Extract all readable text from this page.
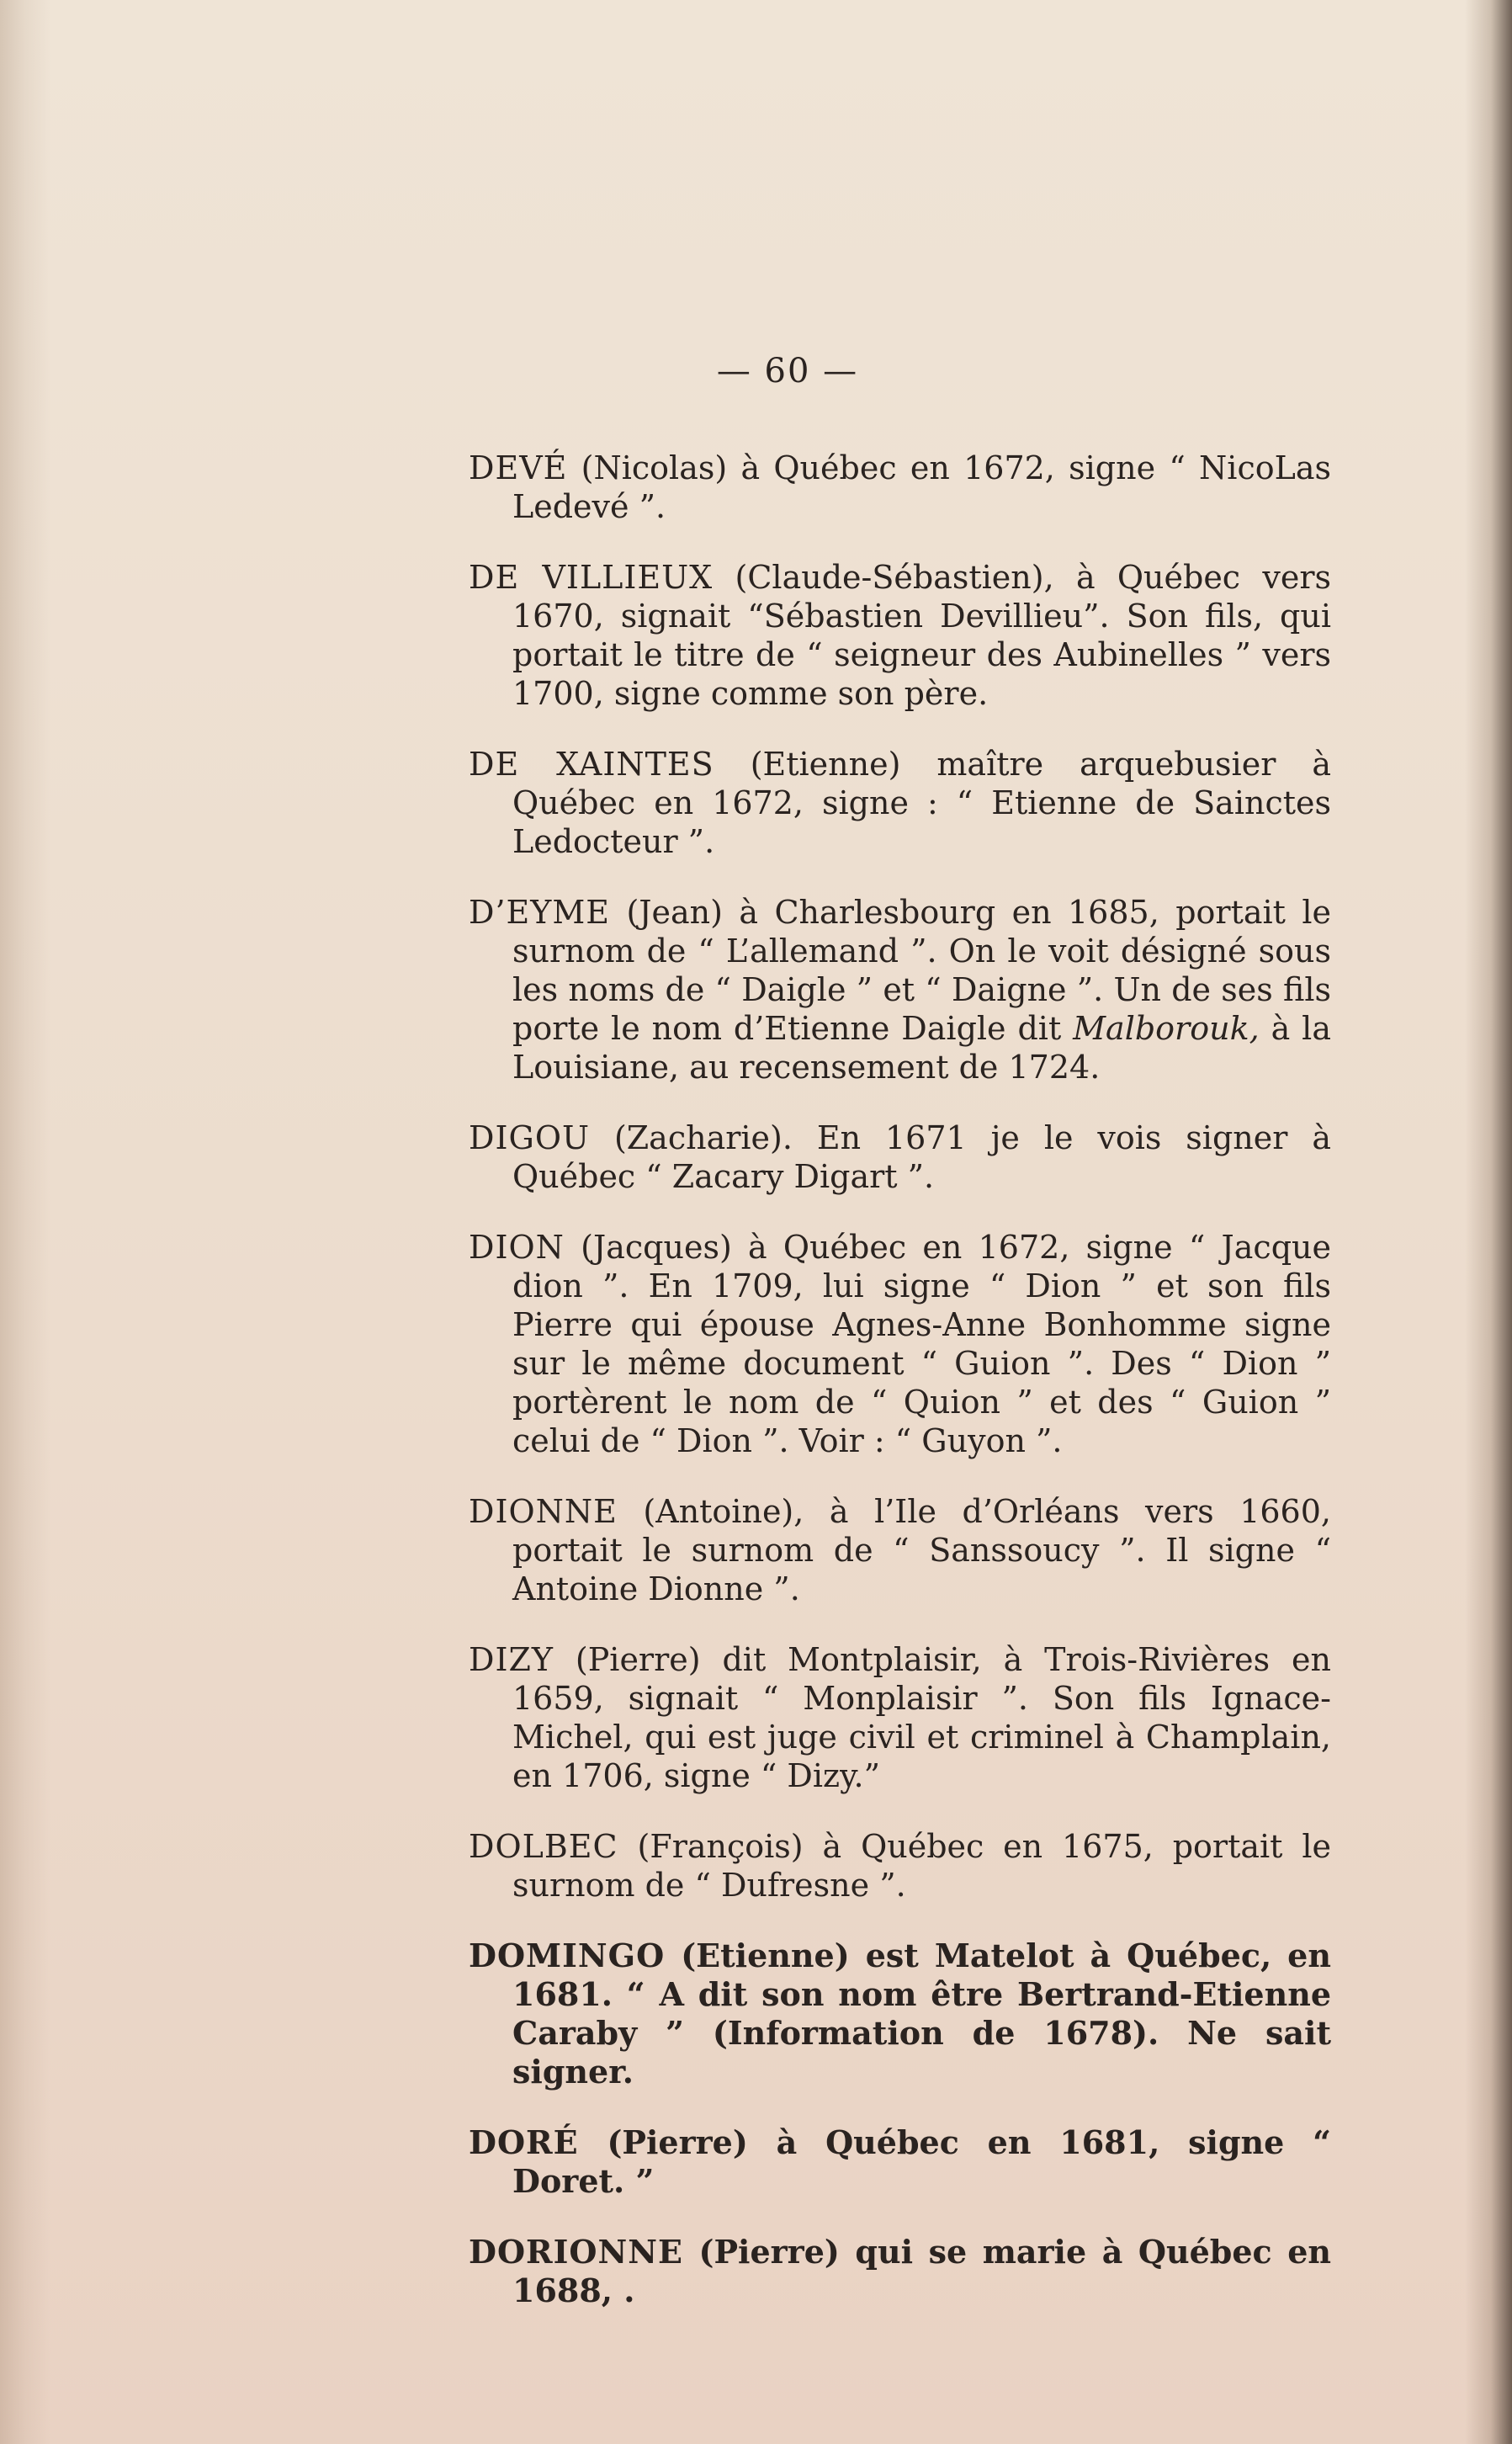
— 60 —

DEVÉ (Nicolas) à Québec en 1672, signe “ NicoLas Ledevé ”.

DE VILLIEUX (Claude-Sébastien), à Québec vers 1670, signait “Sébastien Devillieu”. Son fils, qui portait le titre de “ seigneur des Aubinelles ” vers 1700, signe comme son père.

DE XAINTES (Etienne) maître arquebusier à Québec en 1672, signe : “ Etienne de Sainctes Ledocteur ”.

D’EYME (Jean) à Charlesbourg en 1685, portait le surnom de “ L’allemand ”. On le voit désigné sous les noms de “ Daigle ” et “ Daigne ”. Un de ses fils porte le nom d’Etienne Daigle dit Malborouk, à la Louisiane, au recensement de 1724.

DIGOU (Zacharie). En 1671 je le vois signer à Québec “ Zacary Digart ”.

DION (Jacques) à Québec en 1672, signe “ Jacque dion ”. En 1709, lui signe “ Dion ” et son fils Pierre qui épouse Agnes-Anne Bonhomme signe sur le même document “ Guion ”. Des “ Dion ” portèrent le nom de “ Quion ” et des “ Guion ” celui de “ Dion ”. Voir : “ Guyon ”.

DIONNE (Antoine), à l’Ile d’Orléans vers 1660, portait le surnom de “ Sanssoucy ”. Il signe “ Antoine Dionne ”.

DIZY (Pierre) dit Montplaisir, à Trois-Rivières en 1659, signait “ Monplaisir ”. Son fils Ignace-Michel, qui est juge civil et criminel à Champlain, en 1706, signe “ Dizy.”

DOLBEC (François) à Québec en 1675, portait le surnom de “ Dufresne ”.

DOMINGO (Etienne) est Matelot à Québec, en 1681. “ A dit son nom être Bertrand-Etienne Caraby ” (Information de 1678). Ne sait signer.

DORÉ (Pierre) à Québec en 1681, signe “ Doret. ”

DORIONNE (Pierre) qui se marie à Québec en 1688, .
